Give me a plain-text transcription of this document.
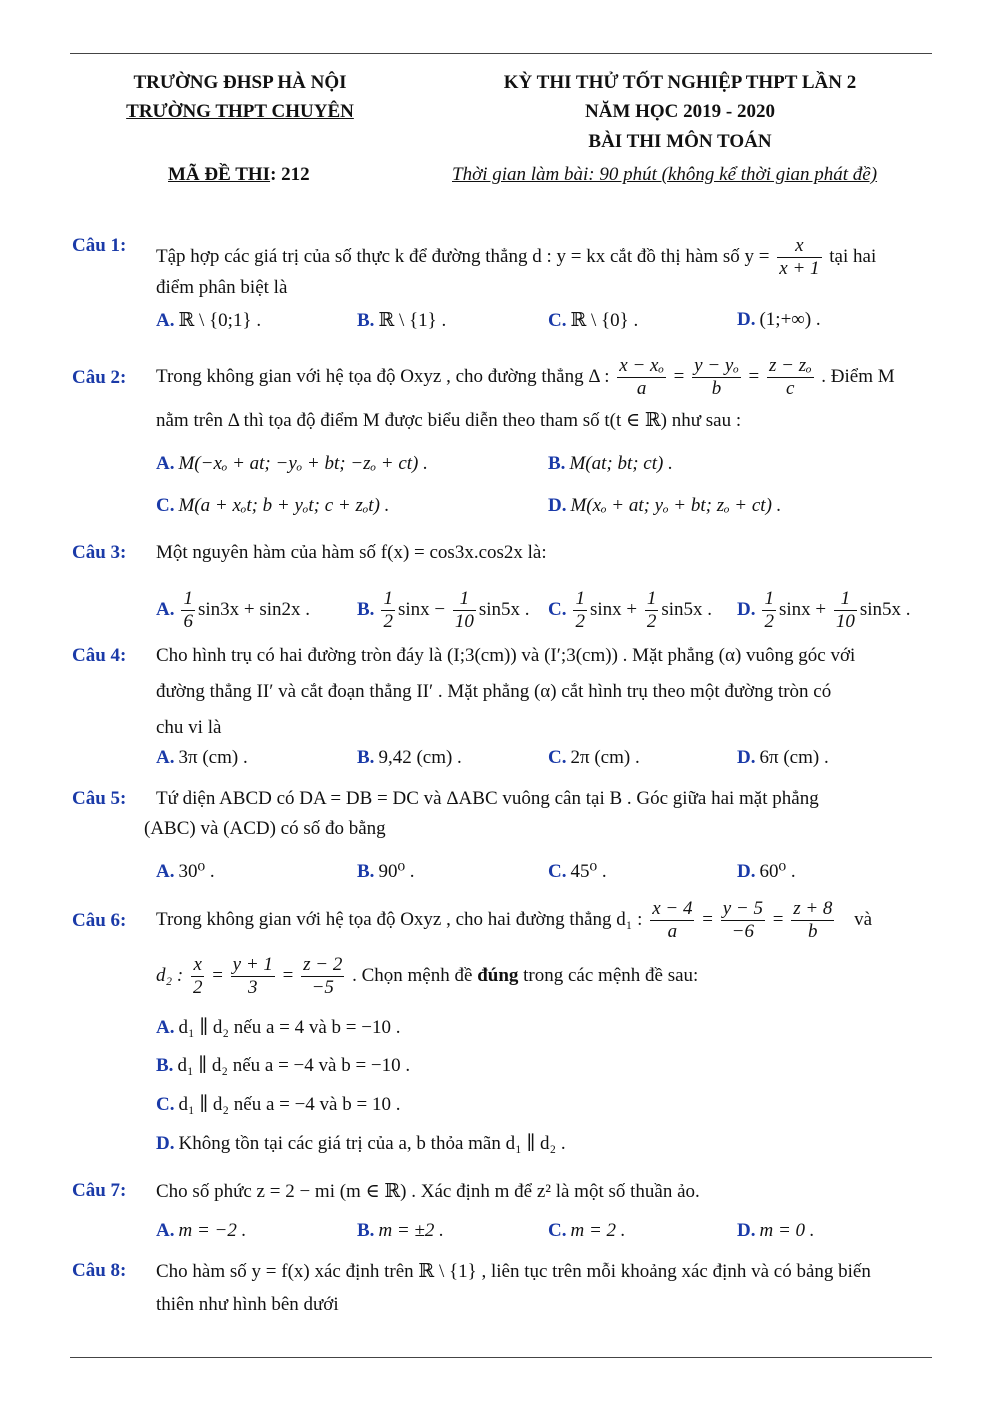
TRƯỜNG ĐHSP HÀ NỘI
TRƯỜNG THPT CHUYÊN
KỲ THI THỬ TỐT NGHIỆP THPT LẦN 2
NĂM HỌC 2019 - 2020
BÀI THI MÔN TOÁN
MÃ ĐỀ THI: 212	Thời gian làm bài: 90 phút (không kể thời gian phát đề)
Câu 1:
Tập hợp các giá trị của số thực k để đường thẳng d : y = kx cắt đồ thị hàm số $y = \frac{x}{x + 1}$ tại hai
điểm phân biệt là
A. ℝ \ {0;1} .	B. ℝ \ {1} .	C. ℝ \ {0} .	D. (1;+∞) .
Câu 2: Trong không gian với hệ tọa độ Oxyz , cho đường thẳng Δ : $\frac{\text{x − xₒ}}{a} = \frac{\text{y − yₒ}}{b} = \frac{\text{z − zₒ}}{c}$ . Điểm M
nằm trên Δ thì tọa độ điểm M được biểu diễn theo tham số t(t ∈ ℝ) như sau :
A. M(−xₒ + at; −yₒ + bt; −zₒ + ct) .	B. M(at; bt; ct) .
C. M(a + xₒt; b + yₒt; c + zₒt) .	D. M(xₒ + at; yₒ + bt; zₒ + ct) .
Câu 3: Một nguyên hàm của hàm số f(x) = cos3x.cos2x là:
A. $\frac{1}{6} \sin 3x + \sin 2x$ . B. $\frac{1}{2}$ $\sin x - \frac{1}{10} \sin 5x$ . C. $\frac{1}{2}$ $\sin x + \frac{1}{2} \sin 5x$ . D. $\frac{1}{2}$ $\sin x + \frac{1}{10} \sin 5x$ .
Câu 4: Cho hình trụ có hai đường tròn đáy là (I;3(cm)) và (I′;3(cm)) . Mặt phẳng (α) vuông góc với
đường thẳng II′ và cắt đoạn thẳng II′ . Mặt phẳng (α) cắt hình trụ theo một đường tròn có
chu vi là
A. 3π (cm) .	B. 9,42 (cm) .	C. 2π (cm) .	D. 6π (cm) .
Câu 5: Tứ diện ABCD có DA = DB = DC và ΔABC vuông cân tại B . Góc giữa hai mặt phẳng
(ABC) và (ACD) có số đo bằng
A. 30⁰ .	B. 90⁰ .	C. 45⁰ .	D. 60⁰ .
Câu 6: Trong không gian với hệ tọa độ Oxyz , cho hai đường thẳng d₁ : $\frac{x - 4}{a} = \frac{y - 5}{-6} = \frac{z + 8}{b}$ và
d₂ : $\frac{x}{2} = \frac{y + 1}{3} = \frac{z - 2}{-5}$ . Chọn mệnh đề đúng trong các mệnh đề sau:
A. d₁ ∥ d₂ nếu a = 4 và b = −10 .
B. d₁ ∥ d₂ nếu a = −4 và b = −10 .
C. d₁ ∥ d₂ nếu a = −4 và b = 10 .
D. Không tồn tại các giá trị của a, b thỏa mãn d₁ ∥ d₂ .
Câu 7: Cho số phức z = 2 − mi (m ∈ ℝ) . Xác định m để z² là một số thuần ảo.
A. m = −2 .	B. m = ±2 .	C. m = 2 .	D. m = 0 .
Câu 8: Cho hàm số y = f(x) xác định trên ℝ \ {1} , liên tục trên mỗi khoảng xác định và có bảng biến
thiên như hình bên dưới
